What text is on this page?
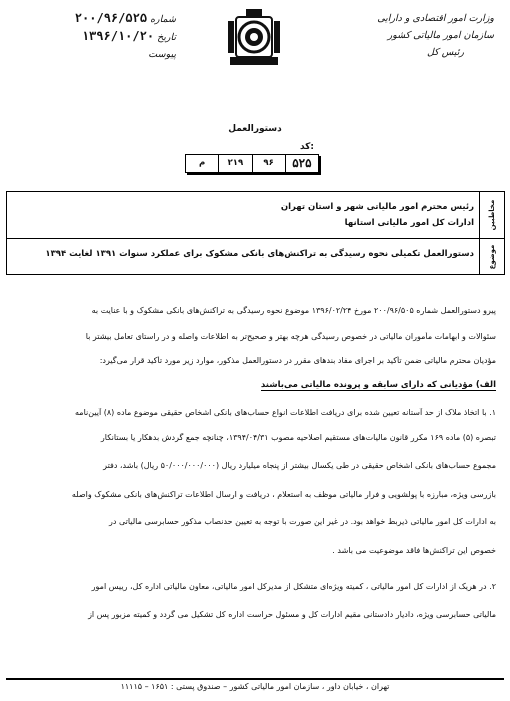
وزارت امور اقتصادی و دارایی
سازمان امور مالیاتی کشور
رئیس کل
شماره ۲۰۰/۹۶/۵۲۵
تاریخ ۱۳۹۶/۱۰/۲۰
پیوست
دستورالعمل
کد:
۵۲۵
۹۶
۲۱۹
م
مخاطبین
رئیس محترم امور مالیاتی شهر و استان تهران
ادارات کل امور مالیاتی استانها
موضوع
دستورالعمل تکمیلی نحوه رسیدگی به تراکنش‌های بانکی مشکوک برای عملکرد سنوات ۱۳۹۱ لغایت ۱۳۹۴
پیرو دستورالعمل شماره ۲۰۰/۹۶/۵۰۵ مورخ ۱۳۹۶/۰۲/۲۴ موضوع نحوه رسیدگی به تراکنش‌های بانکی مشکوک و با عنایت به
سئوالات و ابهامات مأموران مالیاتی در خصوص رسیدگی هرچه بهتر و صحیح‌تر به اطلاعات واصله و در راستای تعامل بیشتر با
مؤدیان محترم مالیاتی ضمن تأکید بر اجرای مفاد بندهای مقرر در دستورالعمل مذکور، موارد زیر مورد تأکید قرار می‌گیرد:
الف) مؤدیانی که دارای سابقه و پرونده مالیاتی می‌باشند
۱. با اتخاذ ملاک از حد آستانه تعیین شده برای دریافت اطلاعات انواع حساب‌های بانکی اشخاص حقیقی موضوع ماده (۸) آیین‌نامه
تبصره (۵) ماده ۱۶۹ مکرر قانون مالیات‌های مستقیم اصلاحیه مصوب ۱۳۹۴/۰۴/۳۱، چنانچه جمع گردش بدهکار یا بستانکار
مجموع حساب‌های بانکی اشخاص حقیقی در طی یکسال بیشتر از پنجاه میلیارد ریال (۵۰/۰۰۰/۰۰۰/۰۰۰ ریال) باشد، دفتر
بازرسی ویژه، مبارزه با پولشویی و فرار مالیاتی موظف به استعلام ، دریافت و ارسال اطلاعات تراکنش‌های بانکی مشکوک واصله
به ادارات کل امور مالیاتی ذیربط خواهد بود. در غیر این صورت با توجه به تعیین حدنصاب مذکور حسابرسی مالیاتی در
خصوص این تراکنش‌ها فاقد موضوعیت می باشد .
۲. در هریک از ادارات کل امور مالیاتی ، کمیته ویژه‌ای متشکل از مدیرکل امور مالیاتی، معاون مالیاتی اداره کل، رییس امور
مالیاتی حسابرسی ویژه، دادیار دادستانی مقیم ادارات کل و مسئول حراست اداره کل تشکیل می گردد و کمیته مزبور پس از
تهران ، خیابان داور ، سازمان امور مالیاتی کشور – صندوق پستی : ۱۶۵۱ – ۱۱۱۱۵
